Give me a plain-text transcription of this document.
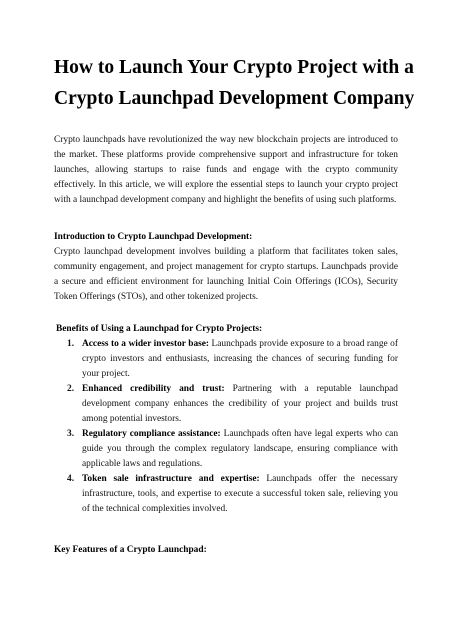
How to Launch Your Crypto Project with a
Crypto Launchpad Development Company

Crypto launchpads have revolutionized the way new blockchain projects are introduced to the market. These platforms provide comprehensive support and infrastructure for token launches, allowing startups to raise funds and engage with the crypto community effectively. In this article, we will explore the essential steps to launch your crypto project with a launchpad development company and highlight the benefits of using such platforms.

Introduction to Crypto Launchpad Development:

Crypto launchpad development involves building a platform that facilitates token sales, community engagement, and project management for crypto startups. Launchpads provide a secure and efficient environment for launching Initial Coin Offerings (ICOs), Security Token Offerings (STOs), and other tokenized projects.

Benefits of Using a Launchpad for Crypto Projects:

1. Access to a wider investor base: Launchpads provide exposure to a broad range of crypto investors and enthusiasts, increasing the chances of securing funding for your project.
2. Enhanced credibility and trust: Partnering with a reputable launchpad development company enhances the credibility of your project and builds trust among potential investors.
3. Regulatory compliance assistance: Launchpads often have legal experts who can guide you through the complex regulatory landscape, ensuring compliance with applicable laws and regulations.
4. Token sale infrastructure and expertise: Launchpads offer the necessary infrastructure, tools, and expertise to execute a successful token sale, relieving you of the technical complexities involved.

Key Features of a Crypto Launchpad:
